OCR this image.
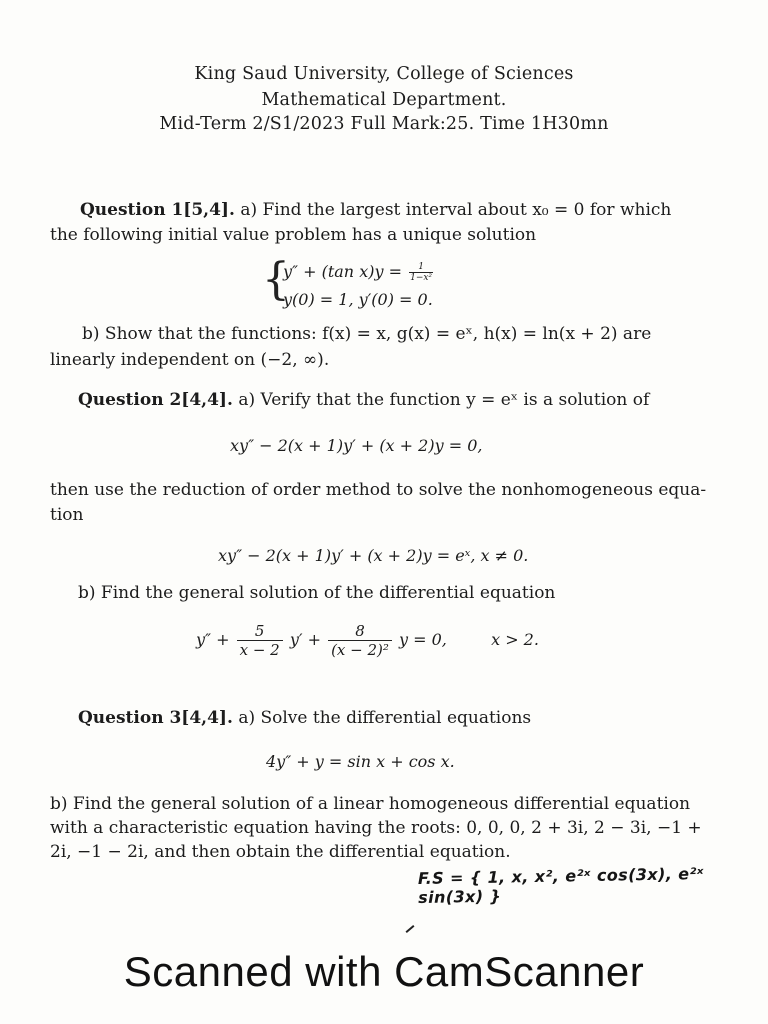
King Saud University, College of Sciences
Mathematical Department.
Mid-Term 2/S1/2023 Full Mark:25. Time 1H30mn
Question 1[5,4]. a) Find the largest interval about x₀ = 0 for which
the following initial value problem has a unique solution
{
y″ + (tan $x)y = \frac{1}{\text{1−x²}}$
y(0) = 1, y′(0) = 0.
b) Show that the functions: f(x) = x, g(x) = eˣ, h(x) = ln(x + 2) are
linearly independent on (−2, ∞).
Question 2[4,4]. a) Verify that the function y = eˣ is a solution of
xy″ − 2(x + 1)y′ + (x + 2)y = 0,
then use the reduction of order method to solve the nonhomogeneous equa-
tion
xy″ − 2(x + 1)y′ + (x + 2)y = eˣ, x ≠ 0.
b) Find the general solution of the differential equation
$y'' + \frac{5}{x - 2} y' + \frac{8}{\text{(x − 2)²}}$ y = 0,	x > 2.
Question 3[4,4]. a) Solve the differential equations
4y″ + y = sin x + cos x.
b) Find the general solution of a linear homogeneous differential equation
with a characteristic equation having the roots: 0, 0, 0, 2 + 3i, 2 − 3i, −1 +
2i, −1 − 2i, and then obtain the differential equation.
F.S = { 1, x, x², e²ˣ cos(3x), e²ˣ sin(3x) }
Scanned with CamScanner
